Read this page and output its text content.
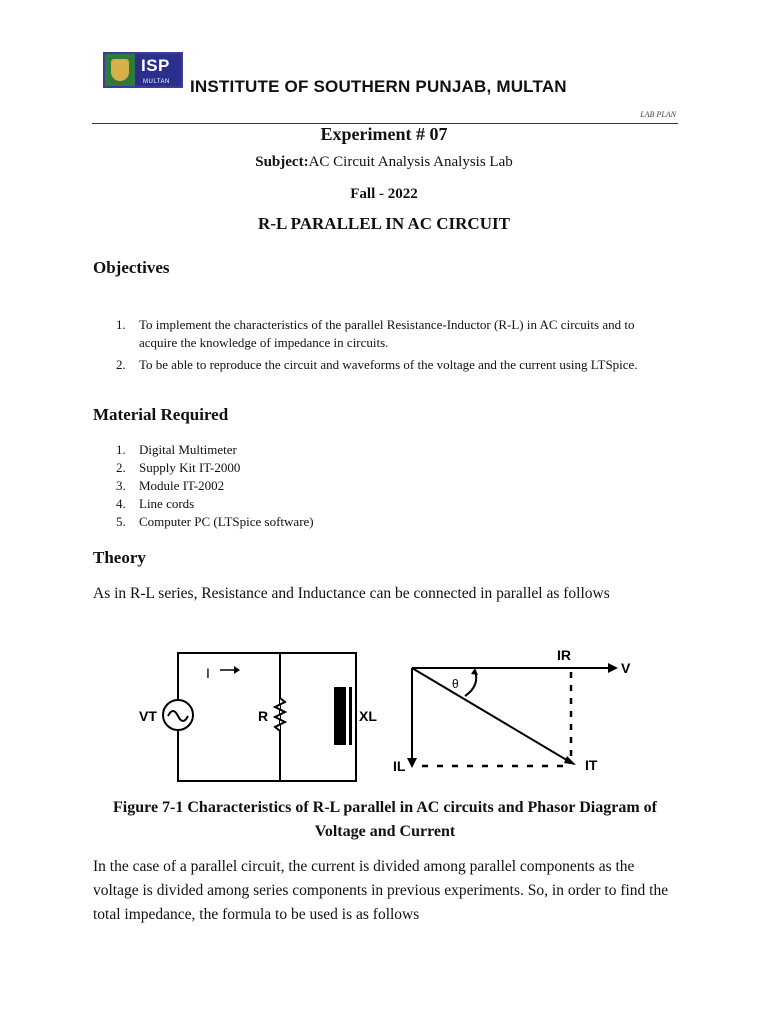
ISP
MULTAN INSTITUTE OF SOUTHERN PUNJAB, MULTAN
LAB PLAN
Experiment # 07
Subject:AC Circuit Analysis Analysis Lab
Fall - 2022
R-L PARALLEL IN AC CIRCUIT
Objectives
1. To implement the characteristics of the parallel Resistance-Inductor (R-L) in AC circuits and to acquire the knowledge of impedance in circuits.
2. To be able to reproduce the circuit and waveforms of the voltage and the current using LTSpice.
Material Required
1. Digital Multimeter
2. Supply Kit IT-2000
3. Module IT-2002
4. Line cords
5. Computer PC (LTSpice software)
Theory
As in R-L series, Resistance and Inductance can be connected in parallel as follows
I
VT	R	XL
IR
V
θ
IL	IT
Figure 7-1 Characteristics of R-L parallel in AC circuits and Phasor Diagram of Voltage and Current
In the case of a parallel circuit, the current is divided among parallel components as the voltage is divided among series components in previous experiments. So, in order to find the total impedance, the formula to be used is as follows
